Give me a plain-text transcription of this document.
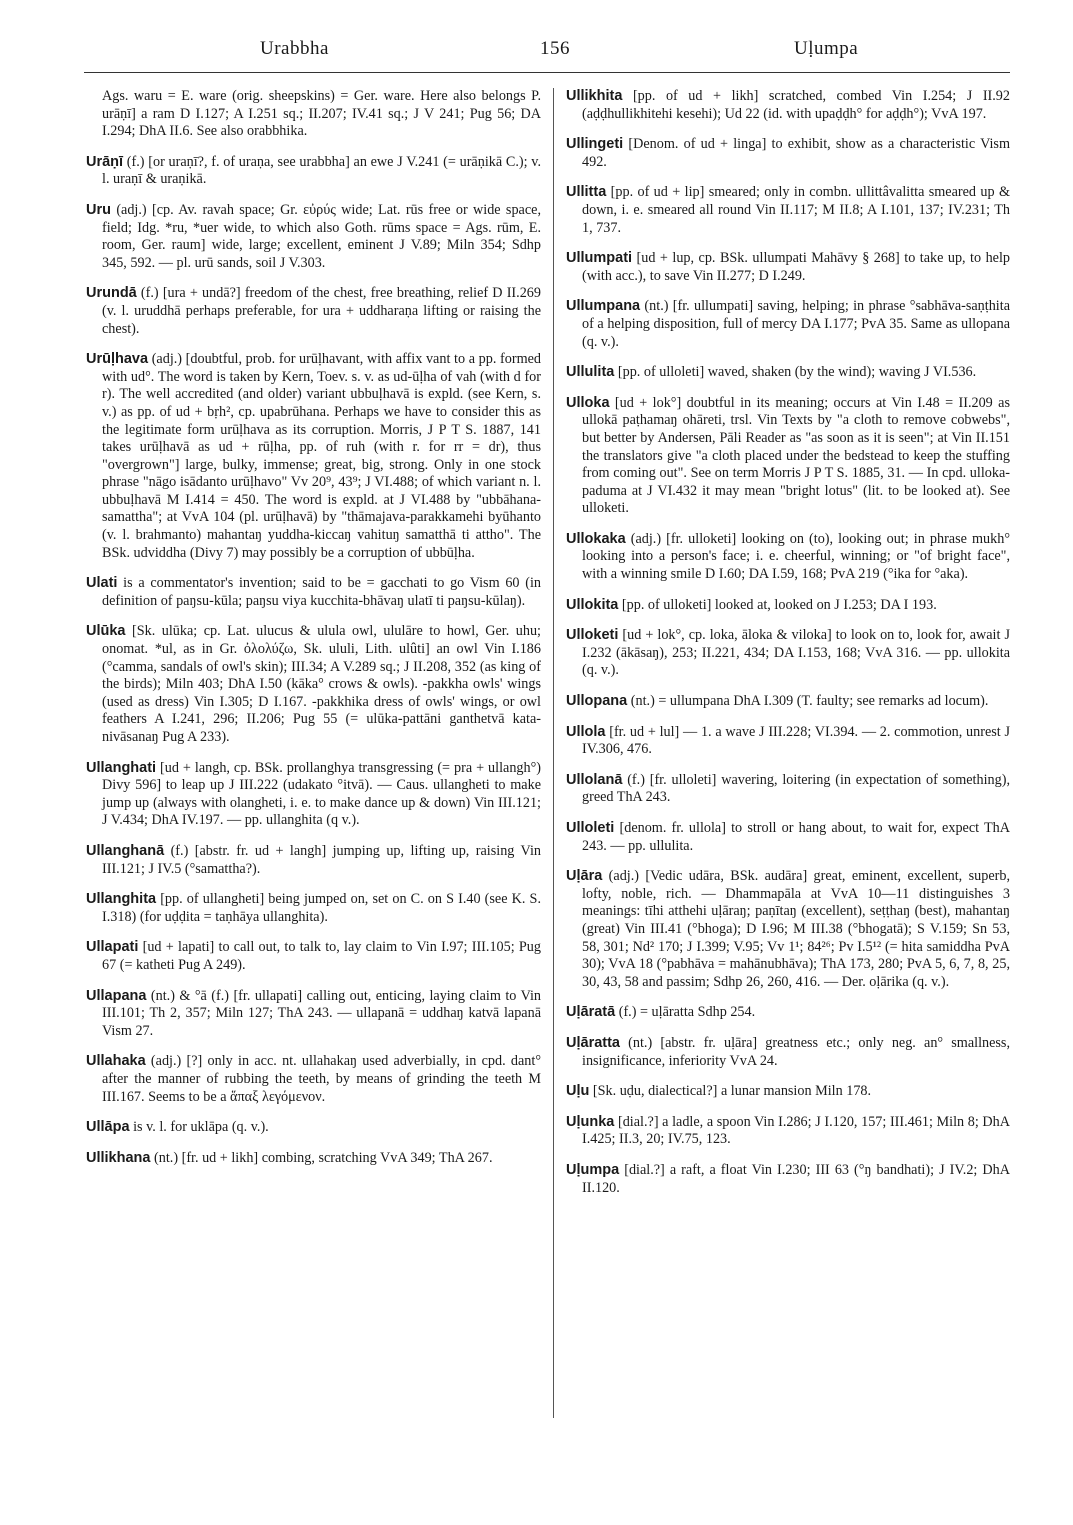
Urabbha	156	Uḷumpa

Ags. waru = E. ware (orig. sheepskins) = Ger. ware. Here also belongs P. urāṇī] a ram D I.127; A I.251 sq.; II.207; IV.41 sq.; J V 241; Pug 56; DA I.294; DhA II.6. See also orabbhika.

Urāṇī (f.) [or uraṇī?, f. of uraṇa, see urabbha] an ewe J V.241 (= urāṇikā C.); v. l. uraṇī & uraṇikā.

Uru (adj.) [cp. Av. ravah space; Gr. εὐρύς wide; Lat. rūs free or wide space, field; Idg. *ru, *uer wide, to which also Goth. rūms space = Ags. rūm, E. room, Ger. raum] wide, large; excellent, eminent J V.89; Miln 354; Sdhp 345, 592. — pl. urū sands, soil J V.303.

Urundā (f.) [ura + undā?] freedom of the chest, free breathing, relief D II.269 (v. l. uruddhā perhaps preferable, for ura + uddharaṇa lifting or raising the chest).

Urūḷhava (adj.) [doubtful, prob. for urūḷhavant, with affix vant to a pp. formed with ud°. The word is taken by Kern, Toev. s. v. as ud-ūḷha of vah (with d for r). The well accredited (and older) variant ubbuḷhavā is expld. (see Kern, s. v.) as pp. of ud + bṛh², cp. upabrūhana. Perhaps we have to consider this as the legitimate form urūḷhava as its corruption. Morris, J P T S. 1887, 141 takes urūḷhavā as ud + rūḷha, pp. of ruh (with r. for rr = dr), thus "overgrown"] large, bulky, immense; great, big, strong. Only in one stock phrase "nāgo isādanto urūḷhavo" Vv 20⁹, 43⁹; J VI.488; of which variant n. l. ubbuḷhavā M I.414 = 450. The word is expld. at J VI.488 by "ubbāhana-samattha"; at VvA 104 (pl. urūḷhavā) by "thāmajava-parakkamehi byūhanto (v. l. brahmanto) mahantaŋ yuddha-kiccaŋ vahituŋ samatthā ti attho". The BSk. udviddha (Divy 7) may possibly be a corruption of ubbūḷha.

Ulati is a commentator's invention; said to be = gacchati to go Vism 60 (in definition of paŋsu-kūla; paŋsu viya kucchita-bhāvaŋ ulatī ti paŋsu-kūlaŋ).

Ulūka [Sk. ulūka; cp. Lat. ulucus & ulula owl, ululāre to howl, Ger. uhu; onomat. *ul, as in Gr. ὀλολύζω, Sk. ululi, Lith. ulûti] an owl Vin I.186 (°camma, sandals of owl's skin); III.34; A V.289 sq.; J II.208, 352 (as king of the birds); Miln 403; DhA I.50 (kāka° crows & owls). -pakkha owls' wings (used as dress) Vin I.305; D I.167. -pakkhika dress of owls' wings, or owl feathers A I.241, 296; II.206; Pug 55 (= ulūka-pattāni ganthetvā kata-nivāsanaŋ Pug A 233).

Ullanghati [ud + langh, cp. BSk. prollanghya transgressing (= pra + ullangh°) Divy 596] to leap up J III.222 (udakato °itvā). — Caus. ullangheti to make jump up (always with olangheti, i. e. to make dance up & down) Vin III.121; J V.434; DhA IV.197. — pp. ullanghita (q v.).

Ullanghanā (f.) [abstr. fr. ud + langh] jumping up, lifting up, raising Vin III.121; J IV.5 (°samattha?).

Ullanghita [pp. of ullangheti] being jumped on, set on C. on S I.40 (see K. S. I.318) (for uḍḍita = taṇhāya ullanghita).

Ullapati [ud + lapati] to call out, to talk to, lay claim to Vin I.97; III.105; Pug 67 (= katheti Pug A 249).

Ullapana (nt.) & °ā (f.) [fr. ullapati] calling out, enticing, laying claim to Vin III.101; Th 2, 357; Miln 127; ThA 243. — ullapanā = uddhaŋ katvā lapanā Vism 27.

Ullahaka (adj.) [?] only in acc. nt. ullahakaŋ used adverbially, in cpd. dant° after the manner of rubbing the teeth, by means of grinding the teeth M III.167. Seems to be a ἅπαξ λεγόμενον.

Ullāpa is v. l. for uklāpa (q. v.).

Ullikhana (nt.) [fr. ud + likh] combing, scratching VvA 349; ThA 267.

Ullikhita [pp. of ud + likh] scratched, combed Vin I.254; J II.92 (aḍḍhullikhitehi kesehi); Ud 22 (id. with upaḍḍh° for aḍḍh°); VvA 197.

Ullingeti [Denom. of ud + linga] to exhibit, show as a characteristic Vism 492.

Ullitta [pp. of ud + lip] smeared; only in combn. ullittâvalitta smeared up & down, i. e. smeared all round Vin II.117; M II.8; A I.101, 137; IV.231; Th 1, 737.

Ullumpati [ud + lup, cp. BSk. ullumpati Mahāvy § 268] to take up, to help (with acc.), to save Vin II.277; D I.249.

Ullumpana (nt.) [fr. ullumpati] saving, helping; in phrase °sabhāva-saṇṭhita of a helping disposition, full of mercy DA I.177; PvA 35. Same as ullopana (q. v.).

Ullulita [pp. of ulloleti] waved, shaken (by the wind); waving J VI.536.

Ulloka [ud + lok°] doubtful in its meaning; occurs at Vin I.48 = II.209 as ullokā paṭhamaŋ ohāreti, trsl. Vin Texts by "a cloth to remove cobwebs", but better by Andersen, Pāli Reader as "as soon as it is seen"; at Vin II.151 the translators give "a cloth placed under the bedstead to keep the stuffing from coming out". See on term Morris J P T S. 1885, 31. — In cpd. ulloka-paduma at J VI.432 it may mean "bright lotus" (lit. to be looked at). See ulloketi.

Ullokaka (adj.) [fr. ulloketi] looking on (to), looking out; in phrase mukh° looking into a person's face; i. e. cheerful, winning; or "of bright face", with a winning smile D I.60; DA I.59, 168; PvA 219 (°ika for °aka).

Ullokita [pp. of ulloketi] looked at, looked on J I.253; DA I 193.

Ulloketi [ud + lok°, cp. loka, āloka & viloka] to look on to, look for, await J I.232 (ākāsaŋ), 253; II.221, 434; DA I.153, 168; VvA 316. — pp. ullokita (q. v.).

Ullopana (nt.) = ullumpana DhA I.309 (T. faulty; see remarks ad locum).

Ullola [fr. ud + lul] — 1. a wave J III.228; VI.394. — 2. commotion, unrest J IV.306, 476.

Ullolanā (f.) [fr. ulloleti] wavering, loitering (in expectation of something), greed ThA 243.

Ulloleti [denom. fr. ullola] to stroll or hang about, to wait for, expect ThA 243. — pp. ullulita.

Uḷāra (adj.) [Vedic udāra, BSk. audāra] great, eminent, excellent, superb, lofty, noble, rich. — Dhammapāla at VvA 10—11 distinguishes 3 meanings: tīhi atthehi uḷāraŋ; paṇītaŋ (excellent), seṭṭhaŋ (best), mahantaŋ (great) Vin III.41 (°bhoga); D I.96; M III.38 (°bhogatā); S V.159; Sn 53, 58, 301; Nd² 170; J I.399; V.95; Vv 1¹; 84²⁶; Pv I.5¹² (= hita samiddha PvA 30); VvA 18 (°pabhāva = mahānubhāva); ThA 173, 280; PvA 5, 6, 7, 8, 25, 30, 43, 58 and passim; Sdhp 26, 260, 416. — Der. oḷārika (q. v.).

Uḷāratā (f.) = uḷāratta Sdhp 254.

Uḷāratta (nt.) [abstr. fr. uḷāra] greatness etc.; only neg. an° smallness, insignificance, inferiority VvA 24.

Uḷu [Sk. uḍu, dialectical?] a lunar mansion Miln 178.

Uḷunka [dial.?] a ladle, a spoon Vin I.286; J I.120, 157; III.461; Miln 8; DhA I.425; II.3, 20; IV.75, 123.

Uḷumpa [dial.?] a raft, a float Vin I.230; III 63 (°ŋ bandhati); J IV.2; DhA II.120.
